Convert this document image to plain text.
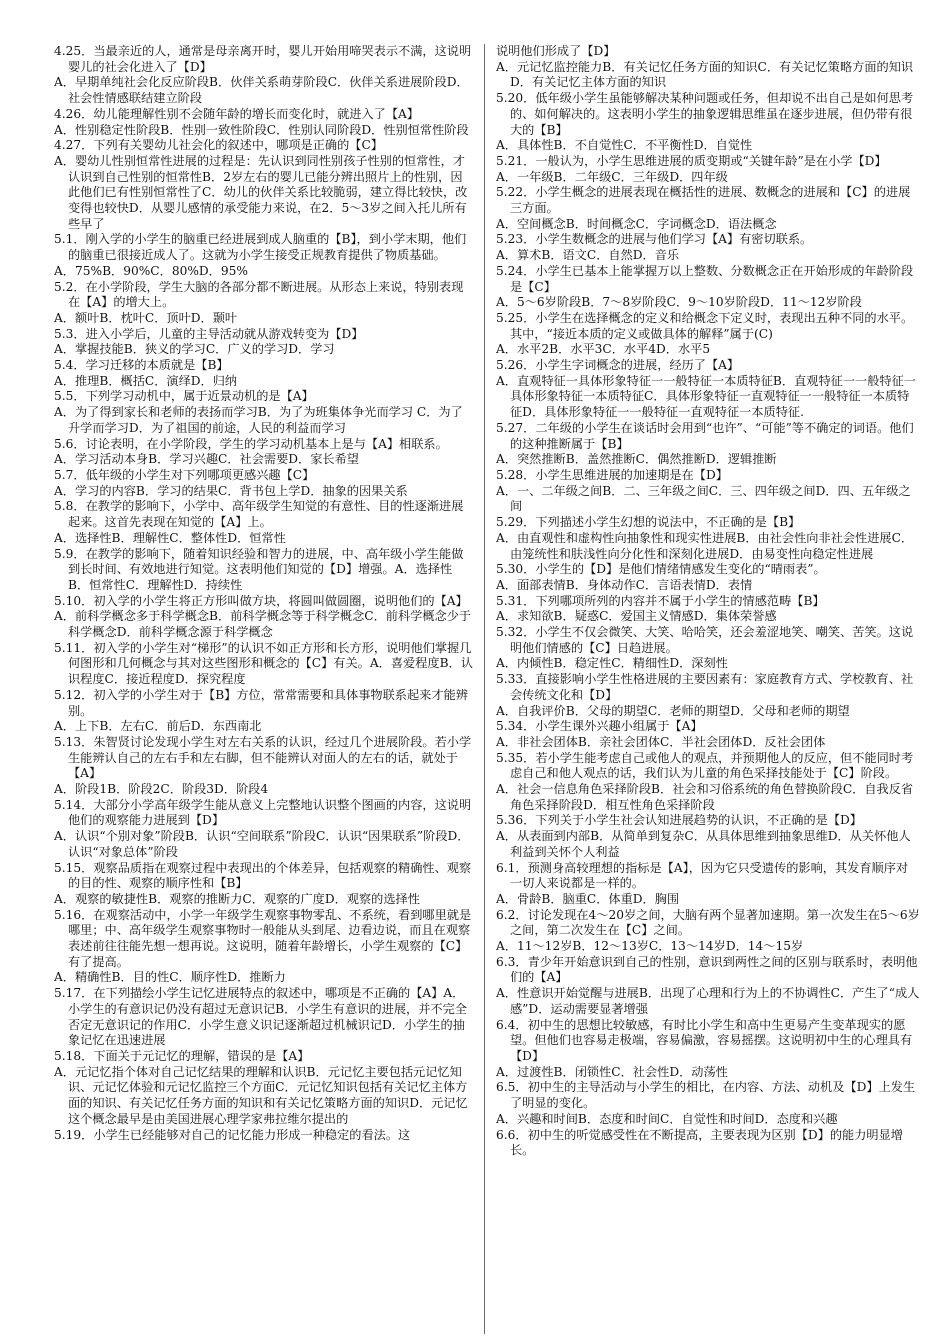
4.25．当最亲近的人，通常是母亲离开时，婴儿开始用啼哭表示不满，这说明婴儿的社会化进入了【D】

A．早期单纯社会化反应阶段B．伙伴关系萌芽阶段C．伙伴关系进展阶段D．社会性情感联结建立阶段

4.26．幼儿能理解性别不会随年龄的增长而变化时，就进入了【A】

A．性别稳定性阶段B．性别一致性阶段C．性别认同阶段D．性别恒常性阶段

4.27．下列有关婴幼儿社会化的叙述中，哪项是正确的【C】

A．婴幼儿性别恒常性进展的过程是：先认识到同性别孩子性别的恒常性，才认识到自己性别的恒常性B．2岁左右的婴儿已能分辨出照片上的性别，因此他们已有性别恒常性了C．幼儿的伙伴关系比较脆弱，建立得比较快，改变得也较快D．从婴儿感情的承受能力来说，在2．5～3岁之间入托儿所有些早了

5.1．刚入学的小学生的脑重已经进展到成人脑重的【B】，到小学末期，他们的脑重已很接近成人了。这就为小学生接受正规教育提供了物质基础。

A．75%B．90%C．80%D．95%

5.2．在小学阶段，学生大脑的各部分都不断进展。从形态上来说，特别表现在【A】的增大上。

A．额叶B．枕叶C．顶叶D．颞叶

5.3．进入小学后，儿童的主导活动就从游戏转变为【D】

A．掌握技能B．狭义的学习C．广义的学习D．学习

5.4．学习迁移的本质就是【B】

A．推理B．概括C．演绎D．归纳

5.5．下列学习动机中，属于近景动机的是【A】

A．为了得到家长和老师的表扬而学习B．为了为班集体争光而学习 C．为了升学而学习D．为了祖国的前途，人民的利益而学习

5.6．讨论表明，在小学阶段，学生的学习动机基本上是与【A】相联系。

A．学习活动本身B．学习兴趣C．社会需要D．家长希望

5.7．低年级的小学生对下列哪项更感兴趣【C】

A．学习的内容B．学习的结果C．背书包上学D．抽象的因果关系

5.8．在教学的影响下，小学中、高年级学生知觉的有意性、目的性逐渐进展起来。这首先表现在知觉的【A】上。

A．选择性B．理解性C．整体性D．恒常性

5.9．在教学的影响下，随着知识经验和智力的进展，中、高年级小学生能做到长时间、有效地进行知觉。这表明他们知觉的【D】增强。A．选择性B．恒常性C．理解性D．持续性

5.10．初入学的小学生将正方形叫做方块，将圆叫做圆圈，说明他们的【A】

A．前科学概念多于科学概念B．前科学概念等于科学概念C．前科学概念少于科学概念D．前科学概念源于科学概念

5.11．初入学的小学生对“梯形”的认识不如正方形和长方形，说明他们掌握几何图形和几何概念与其对这些图形和概念的【C】有关。A．喜爱程度B．认识程度C．接近程度D．探究程度

5.12．初入学的小学生对于【B】方位，常常需要和具体事物联系起来才能辨别。

A．上下B．左右C．前后D．东西南北

5.13．朱智贤讨论发现小学生对左右关系的认识，经过几个进展阶段。若小学生能辨认自己的左右手和左右脚，但不能辨认对面人的左右的话，就处于【A】

A．阶段1B．阶段2C．阶段3D．阶段4

5.14．大部分小学高年级学生能从意义上完整地认识整个图画的内容，这说明他们的观察能力进展到【D】

A．认识“个别对象”阶段B．认识“空间联系”阶段C．认识“因果联系”阶段D．认识“对象总体”阶段

5.15．观察品质指在观察过程中表现出的个体差异，包括观察的精确性、观察的目的性、观察的顺序性和【B】

A．观察的敏捷性B．观察的推断力C．观察的广度D．观察的选择性

5.16．在观察活动中，小学一年级学生观察事物零乱、不系统，看到哪里就是哪里；中、高年级学生观察事物时一般能从头到尾、边看边说，而且在观察表述前往往能先想一想再说。这说明，随着年龄增长，小学生观察的【C】有了提高。

A．精确性B．目的性C．顺序性D．推断力

5.17．在下列描绘小学生记忆进展特点的叙述中，哪项是不正确的【A】A．小学生的有意识记仍没有超过无意识记B．小学生有意识的进展，并不完全否定无意识记的作用C．小学生意义识记逐渐超过机械识记D．小学生的抽象记忆在迅速进展

5.18．下面关于元记忆的理解，错误的是【A】

A．元记忆指个体对自己记忆结果的理解和认识B．元记忆主要包括元记忆知识、元记忆体验和元记忆监控三个方面C．元记忆知识包括有关记忆主体方面的知识、有关记忆任务方面的知识和有关记忆策略方面的知识D．元记忆这个概念最早是由美国进展心理学家弗拉维尔提出的

5.19．小学生已经能够对自己的记忆能力形成一种稳定的看法。这

说明他们形成了【D】

A．元记忆监控能力B．有关记忆任务方面的知识C．有关记忆策略方面的知识D．有关记忆主体方面的知识

5.20．低年级小学生虽能够解决某种问题或任务，但却说不出自己是如何思考的、如何解决的。这表明小学生的抽象逻辑思维虽在逐步进展，但仍带有很大的【B】

A．具体性B．不自觉性C．不平衡性D．自觉性

5.21．一般认为，小学生思维进展的质变期或“关键年龄”是在小学【D】

A．一年级B．二年级C．三年级D．四年级

5.22．小学生概念的进展表现在概括性的进展、数概念的进展和【C】的进展三方面。

A．空间概念B．时间概念C．字词概念D．语法概念

5.23．小学生数概念的进展与他们学习【A】有密切联系。

A．算术B．语文C．自然D．音乐

5.24．小学生已基本上能掌握万以上整数、分数概念正在开始形成的年龄阶段是【C】

A．5～6岁阶段B．7～8岁阶段C．9～10岁阶段D．11～12岁阶段

5.25．小学生在选择概念的定义和给概念下定义时，表现出五种不同的水平。其中，“接近本质的定义或做具体的解释”属于(C)

A．水平2B．水平3C．水平4D．水平5

5.26．小学生字词概念的进展，经历了【A】

A．直观特征一具体形象特征一一般特征一本质特征B．直观特征一一般特征一具体形象特征一本质特征C．具体形象特征一直观特征一一般特征一本质特征D．具体形象特征一一般特征一直观特征一本质特征.

5.27．二年级的小学生在谈话时会用到“也许”、“可能”等不确定的词语。他们的这种推断属于【B】

A．突然推断B．盖然推断C．偶然推断D．逻辑推断

5.28．小学生思维进展的加速期是在【D】

A．一、二年级之间B．二、三年级之间C．三、四年级之间D．四、五年级之间

5.29．下列描述小学生幻想的说法中，不正确的是【B】

A．由直观性和虚构性向抽象性和现实性进展B．由社会性向非社会性进展C．由笼统性和肤浅性向分化性和深刻化进展D．由易变性向稳定性进展

5.30．小学生的【D】是他们情绪情感发生变化的“晴雨表”。

A．面部表情B．身体动作C．言语表情D．表情

5.31．下列哪项所列的内容并不属于小学生的情感范畴【B】

A．求知欲B．疑惑C．爱国主义情感D．集体荣誉感

5.32．小学生不仅会微笑、大笑、哈哈笑，还会羞涩地笑、嘲笑、苦笑。这说明他们情感的【C】日趋进展。

A．内倾性B．稳定性C．精细性D．深刻性

5.33．直接影响小学生性格进展的主要因素有：家庭教育方式、学校教育、社会传统文化和【D】

A．自我评价B．父母的期望C．老师的期望D．父母和老师的期望

5.34．小学生课外兴趣小组属于【A】

A．非社会团体B．亲社会团体C．半社会团体D．反社会团体

5.35．若小学生能考虑自己或他人的观点，并预期他人的反应，但不能同时考虑自己和他人观点的话，我们认为儿童的角色采择技能处于【C】阶段。

A．社会一信息角色采择阶段B．社会和习俗系统的角色替换阶段C．自我反省角色采择阶段D．相互性角色采择阶段

5.36．下列关于小学生社会认知进展趋势的认识，不正确的是【D】

A．从表面到内部B．从简单到复杂C．从具体思维到抽象思维D．从关怀他人利益到关怀个人利益

6.1．预测身高较理想的指标是【A】，因为它只受遗传的影响，其发育顺序对一切人来说都是一样的。

A．骨龄B．脑重C．体重D．胸围

6.2．讨论发现在4～20岁之间，大脑有两个显著加速期。第一次发生在5～6岁之间，第二次发生在【C】之间。

A．11～12岁B．12～13岁C．13～14岁D．14～15岁

6.3．青少年开始意识到自己的性别，意识到两性之间的区别与联系时，表明他们的【A】

A．性意识开始觉醒与进展B．出现了心理和行为上的不协调性C．产生了“成人感”D．运动需要显著增强

6.4．初中生的思想比较敏感，有时比小学生和高中生更易产生变革现实的愿望。但他们也容易走极端，容易偏激，容易摇摆。这说明初中生的心理具有【D】

A．过渡性B．闭锁性C．社会性D．动荡性

6.5．初中生的主导活动与小学生的相比，在内容、方法、动机及【D】上发生了明显的变化。

A．兴趣和时间B．态度和时间C．自觉性和时间D．态度和兴趣

6.6．初中生的听觉感受性在不断提高，主要表现为区别【D】的能力明显增长。
